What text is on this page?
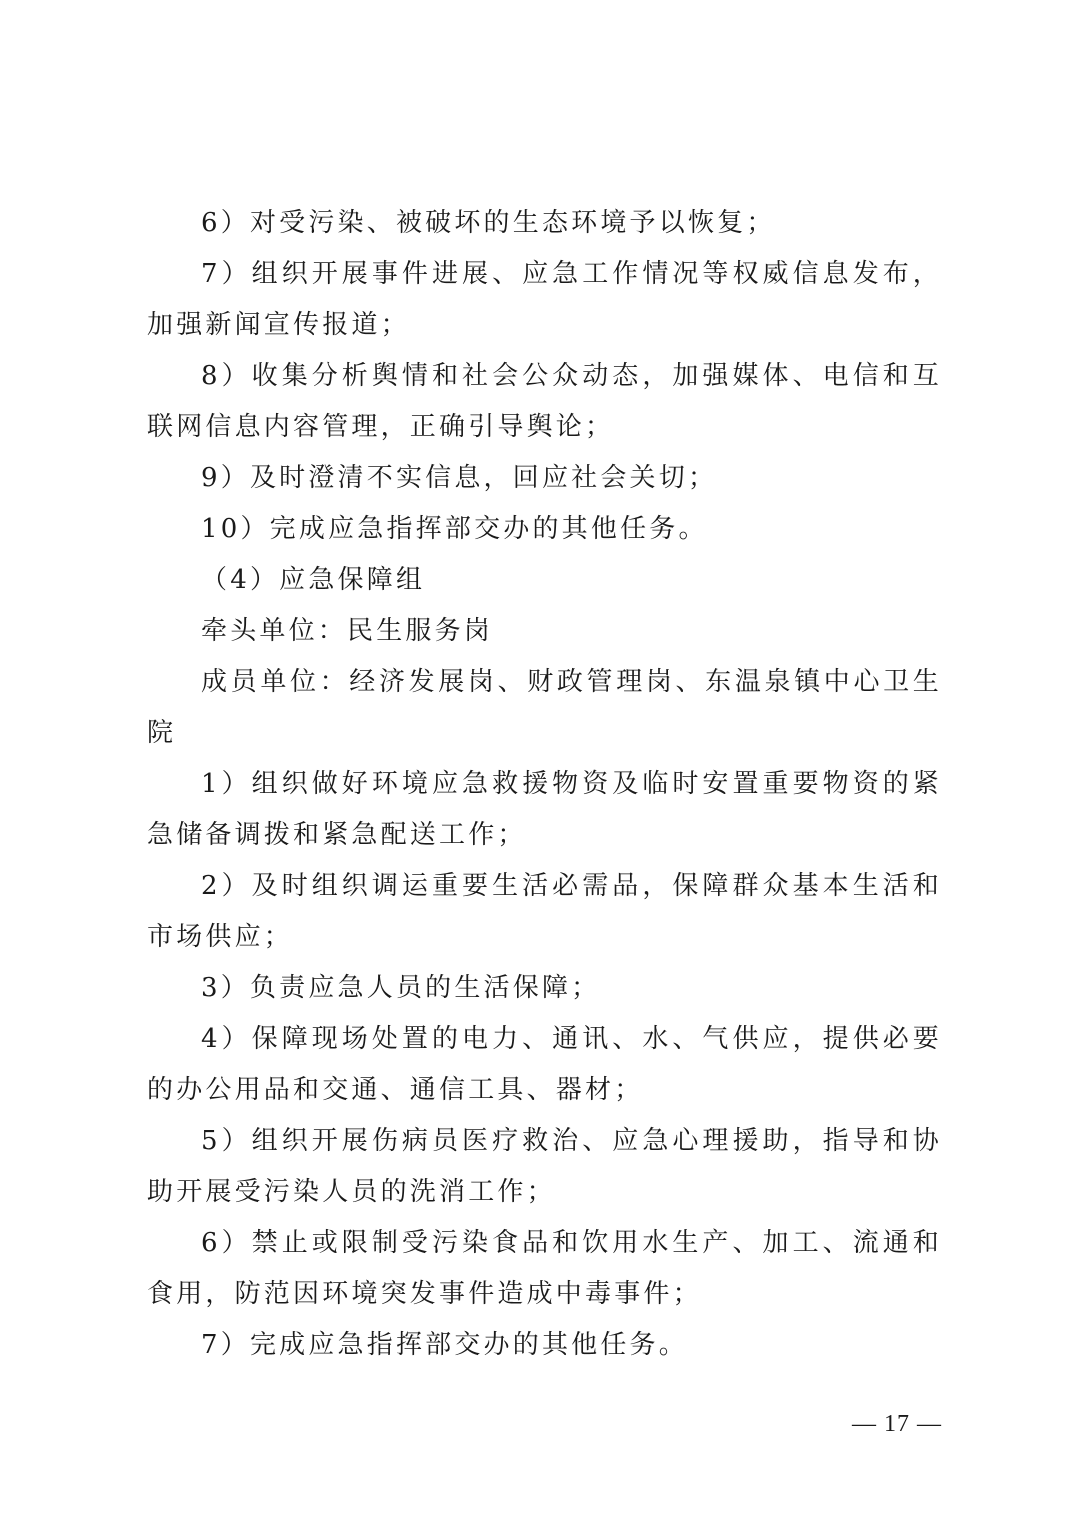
6）对受污染、被破坏的生态环境予以恢复；

7）组织开展事件进展、应急工作情况等权威信息发布，加强新闻宣传报道；

8）收集分析舆情和社会公众动态，加强媒体、电信和互联网信息内容管理，正确引导舆论；

9）及时澄清不实信息，回应社会关切；

10）完成应急指挥部交办的其他任务。

（4）应急保障组

牵头单位：民生服务岗

成员单位：经济发展岗、财政管理岗、东温泉镇中心卫生院

1）组织做好环境应急救援物资及临时安置重要物资的紧急储备调拨和紧急配送工作；

2）及时组织调运重要生活必需品，保障群众基本生活和市场供应；

3）负责应急人员的生活保障；

4）保障现场处置的电力、通讯、水、气供应，提供必要的办公用品和交通、通信工具、器材；

5）组织开展伤病员医疗救治、应急心理援助，指导和协助开展受污染人员的洗消工作；

6）禁止或限制受污染食品和饮用水生产、加工、流通和食用，防范因环境突发事件造成中毒事件；

7）完成应急指挥部交办的其他任务。

— 17 —
